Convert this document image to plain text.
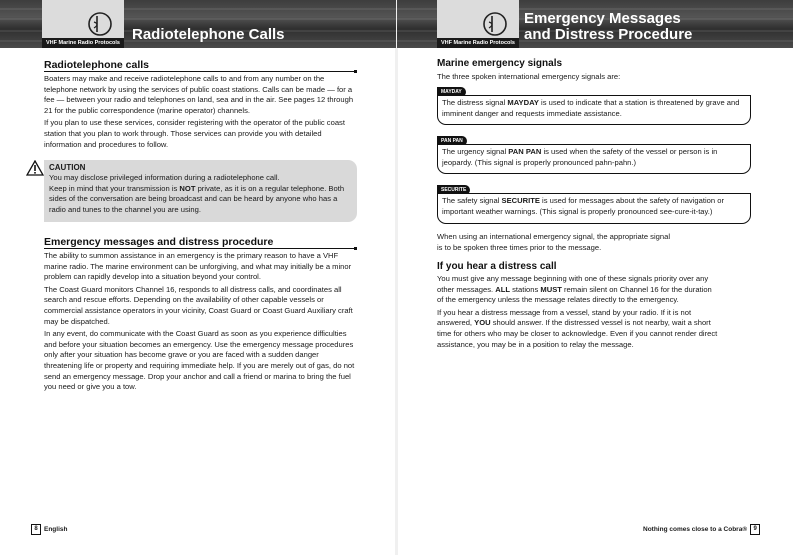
VHF Marine Radio Protocols Radiotelephone Calls
Radiotelephone calls

Boaters may make and receive radiotelephone calls to and from any number on the telephone network by using the services of public coast stations. Calls can be made — for a fee — between your radio and telephones on land, sea and in the air. See pages 12 through 21 for the public correspondence (marine operator) channels.

If you plan to use these services, consider registering with the operator of the public coast station that you plan to work through. Those services can provide you with detailed information and procedures to follow.

CAUTION
You may disclose privileged information during a radiotelephone call.
Keep in mind that your transmission is NOT private, as it is on a regular telephone. Both sides of the conversation are being broadcast and can be heard by anyone who has a radio and tunes to the channel you are using.
Emergency messages and distress procedure

The ability to summon assistance in an emergency is the primary reason to have a VHF marine radio. The marine environment can be unforgiving, and what may initially be a minor problem can rapidly develop into a situation beyond your control.

The Coast Guard monitors Channel 16, responds to all distress calls, and coordinates all search and rescue efforts. Depending on the availability of other capable vessels or commercial assistance operators in your vicinity, Coast Guard or Coast Guard Auxiliary craft may be dispatched.

In any event, do communicate with the Coast Guard as soon as you experience difficulties and before your situation becomes an emergency. Use the emergency message procedures only after your situation has become grave or you are faced with a sudden danger threatening life or property and requiring immediate help. If you are merely out of gas, do not send an emergency message. Drop your anchor and call a friend or marina to bring the fuel you need or give you a tow.

8 English
VHF Marine Radio Protocols
Emergency Messages
and Distress Procedure
Marine emergency signals
The three spoken international emergency signals are:
MAYDAY
The distress signal MAYDAY is used to indicate that a station is threatened by grave and imminent danger and requests immediate assistance.
PAN PAN
The urgency signal PAN PAN is used when the safety of the vessel or person is in jeopardy. (This signal is properly pronounced pahn-pahn.)
SECURITE
The safety signal SECURITE is used for messages about the safety of navigation or important weather warnings. (This signal is properly pronounced see-cure-it-tay.)
When using an international emergency signal, the appropriate signal is to be spoken three times prior to the message.
If you hear a distress call

You must give any message beginning with one of these signals priority over any other messages. ALL stations MUST remain silent on Channel 16 for the duration of the emergency unless the message relates directly to the emergency.

If you hear a distress message from a vessel, stand by your radio. If it is not answered, YOU should answer. If the distressed vessel is not nearby, wait a short time for others who may be closer to acknowledge. Even if you cannot render direct assistance, you may be in a position to relay the message.

Nothing comes close to a Cobra® 9
